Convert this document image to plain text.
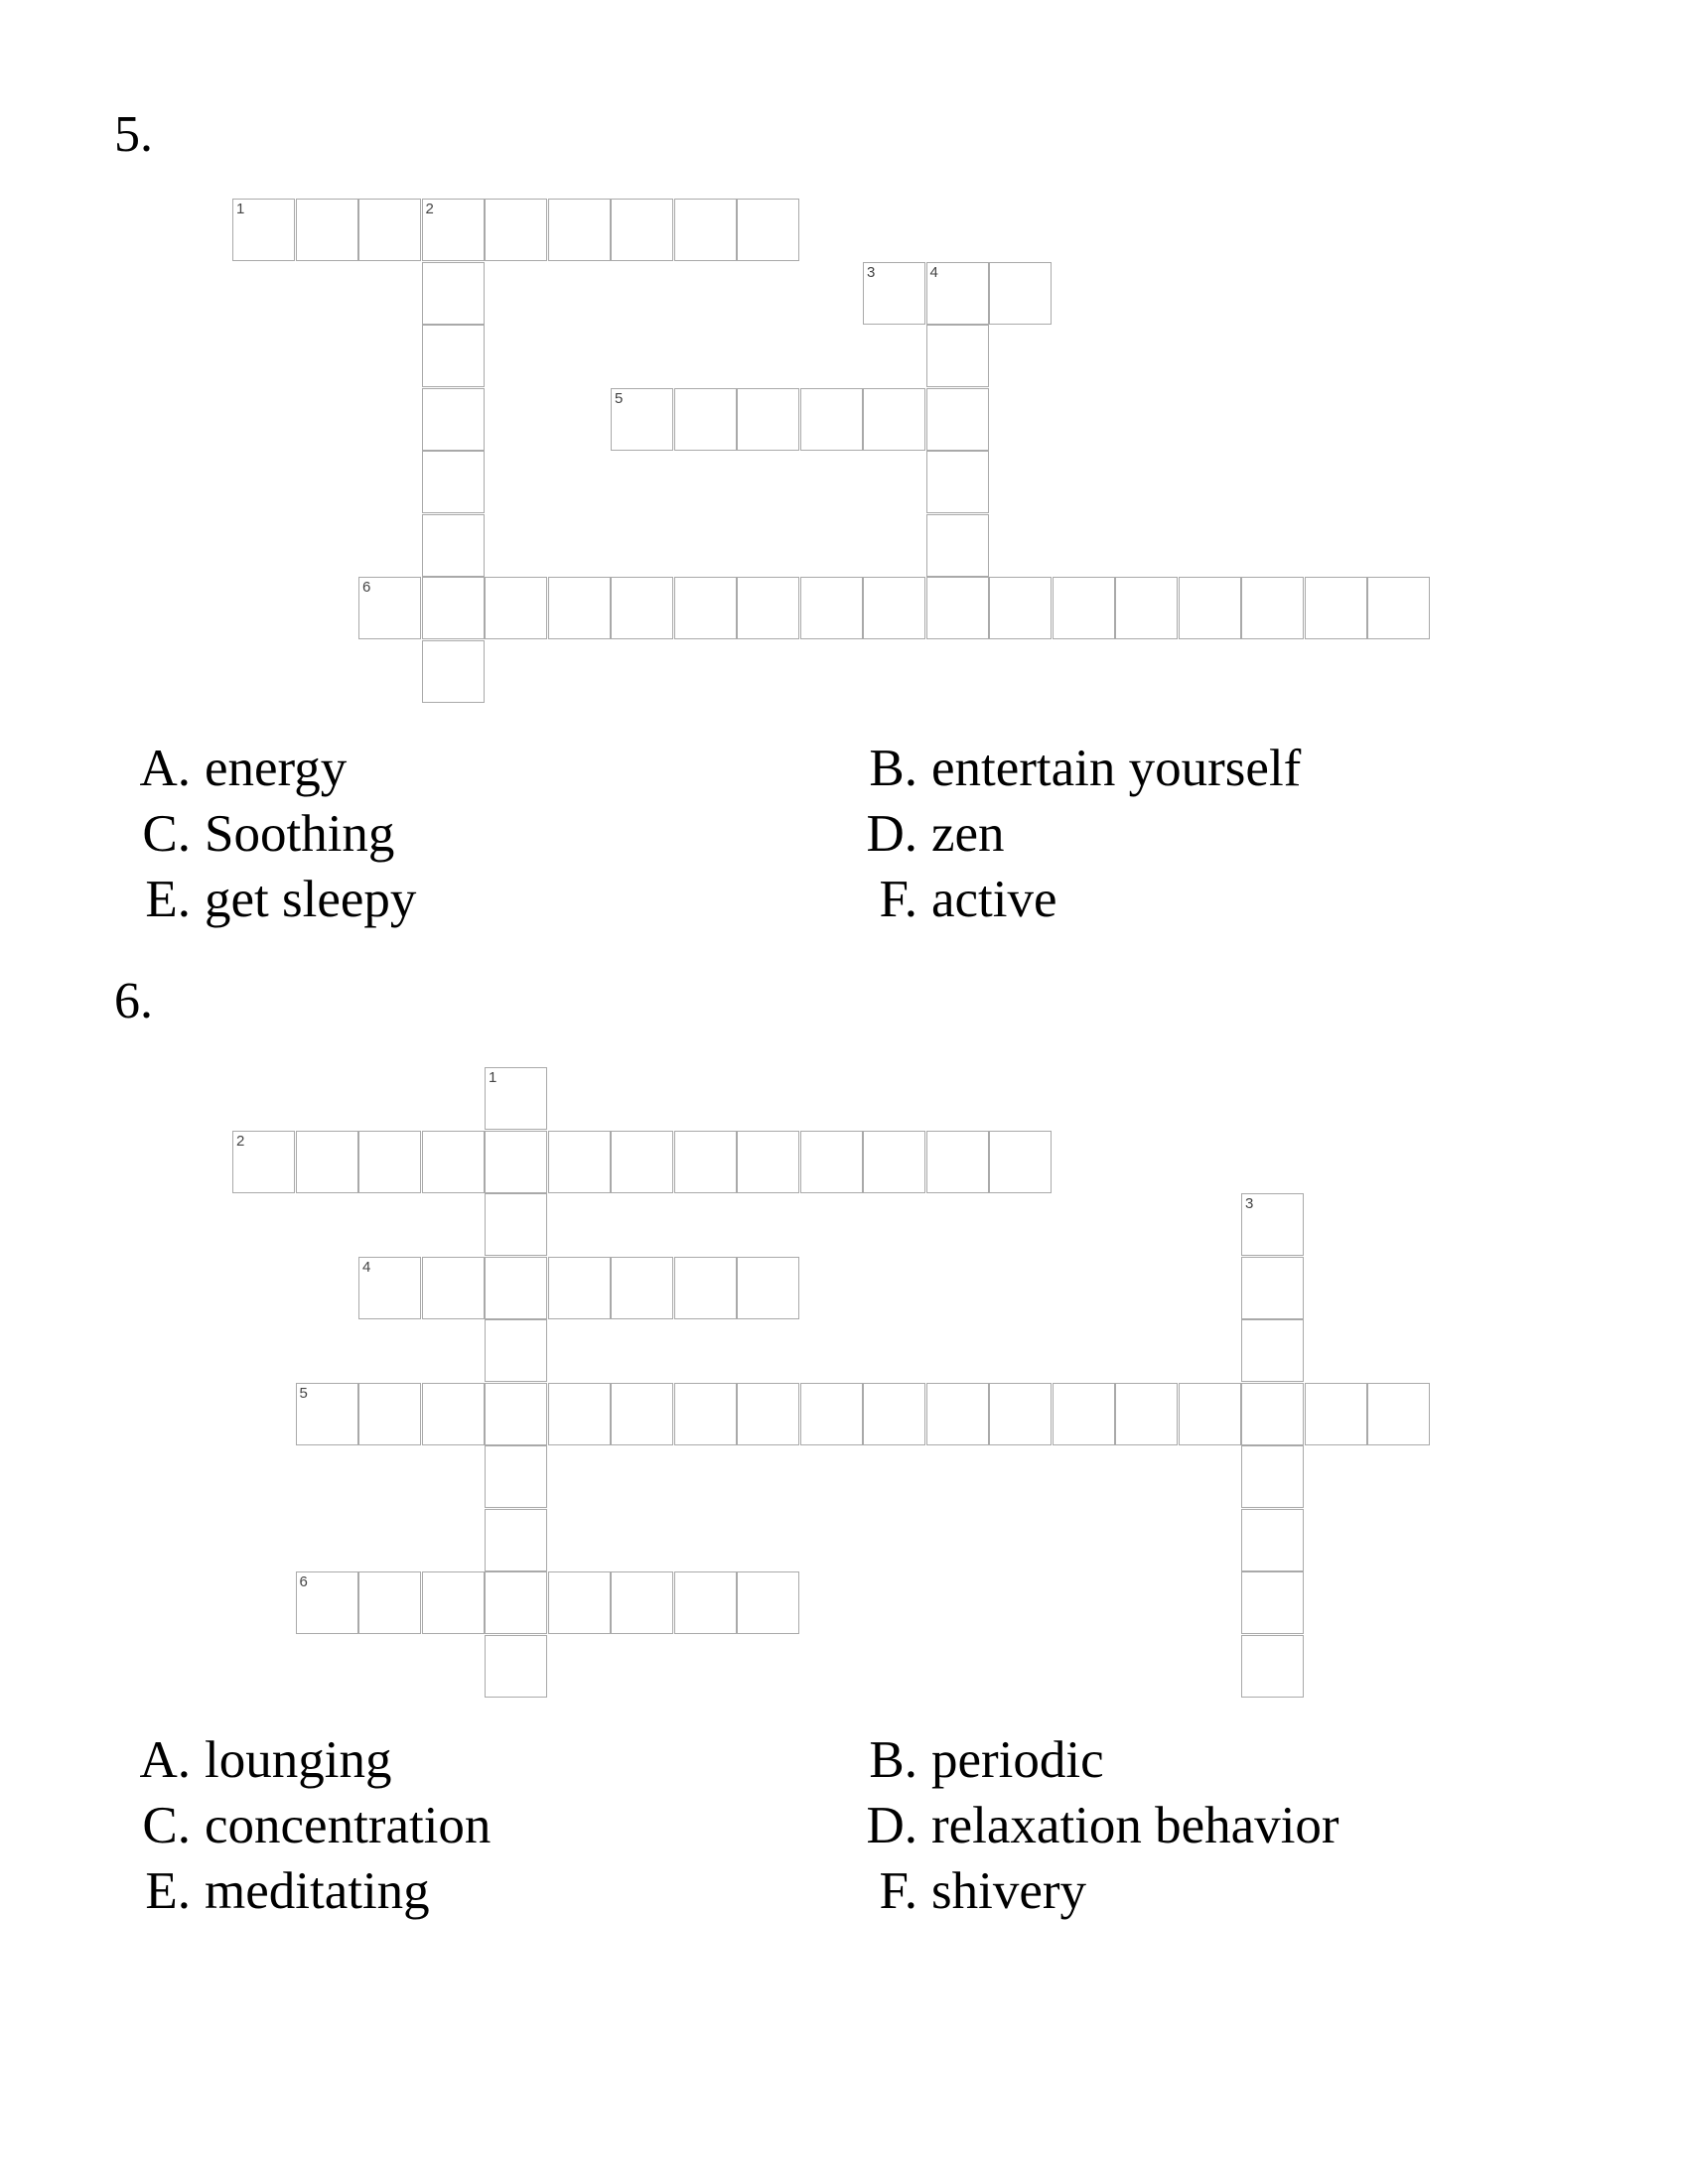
5.
1	2
3	4
5
6
A. energy	B. entertain yourself
C. Soothing	D. zen
E. get sleepy	F. active
6.
1
2
3
4
5
6
A. lounging	B. periodic
C. concentration	D. relaxation behavior
E. meditating	F. shivery
